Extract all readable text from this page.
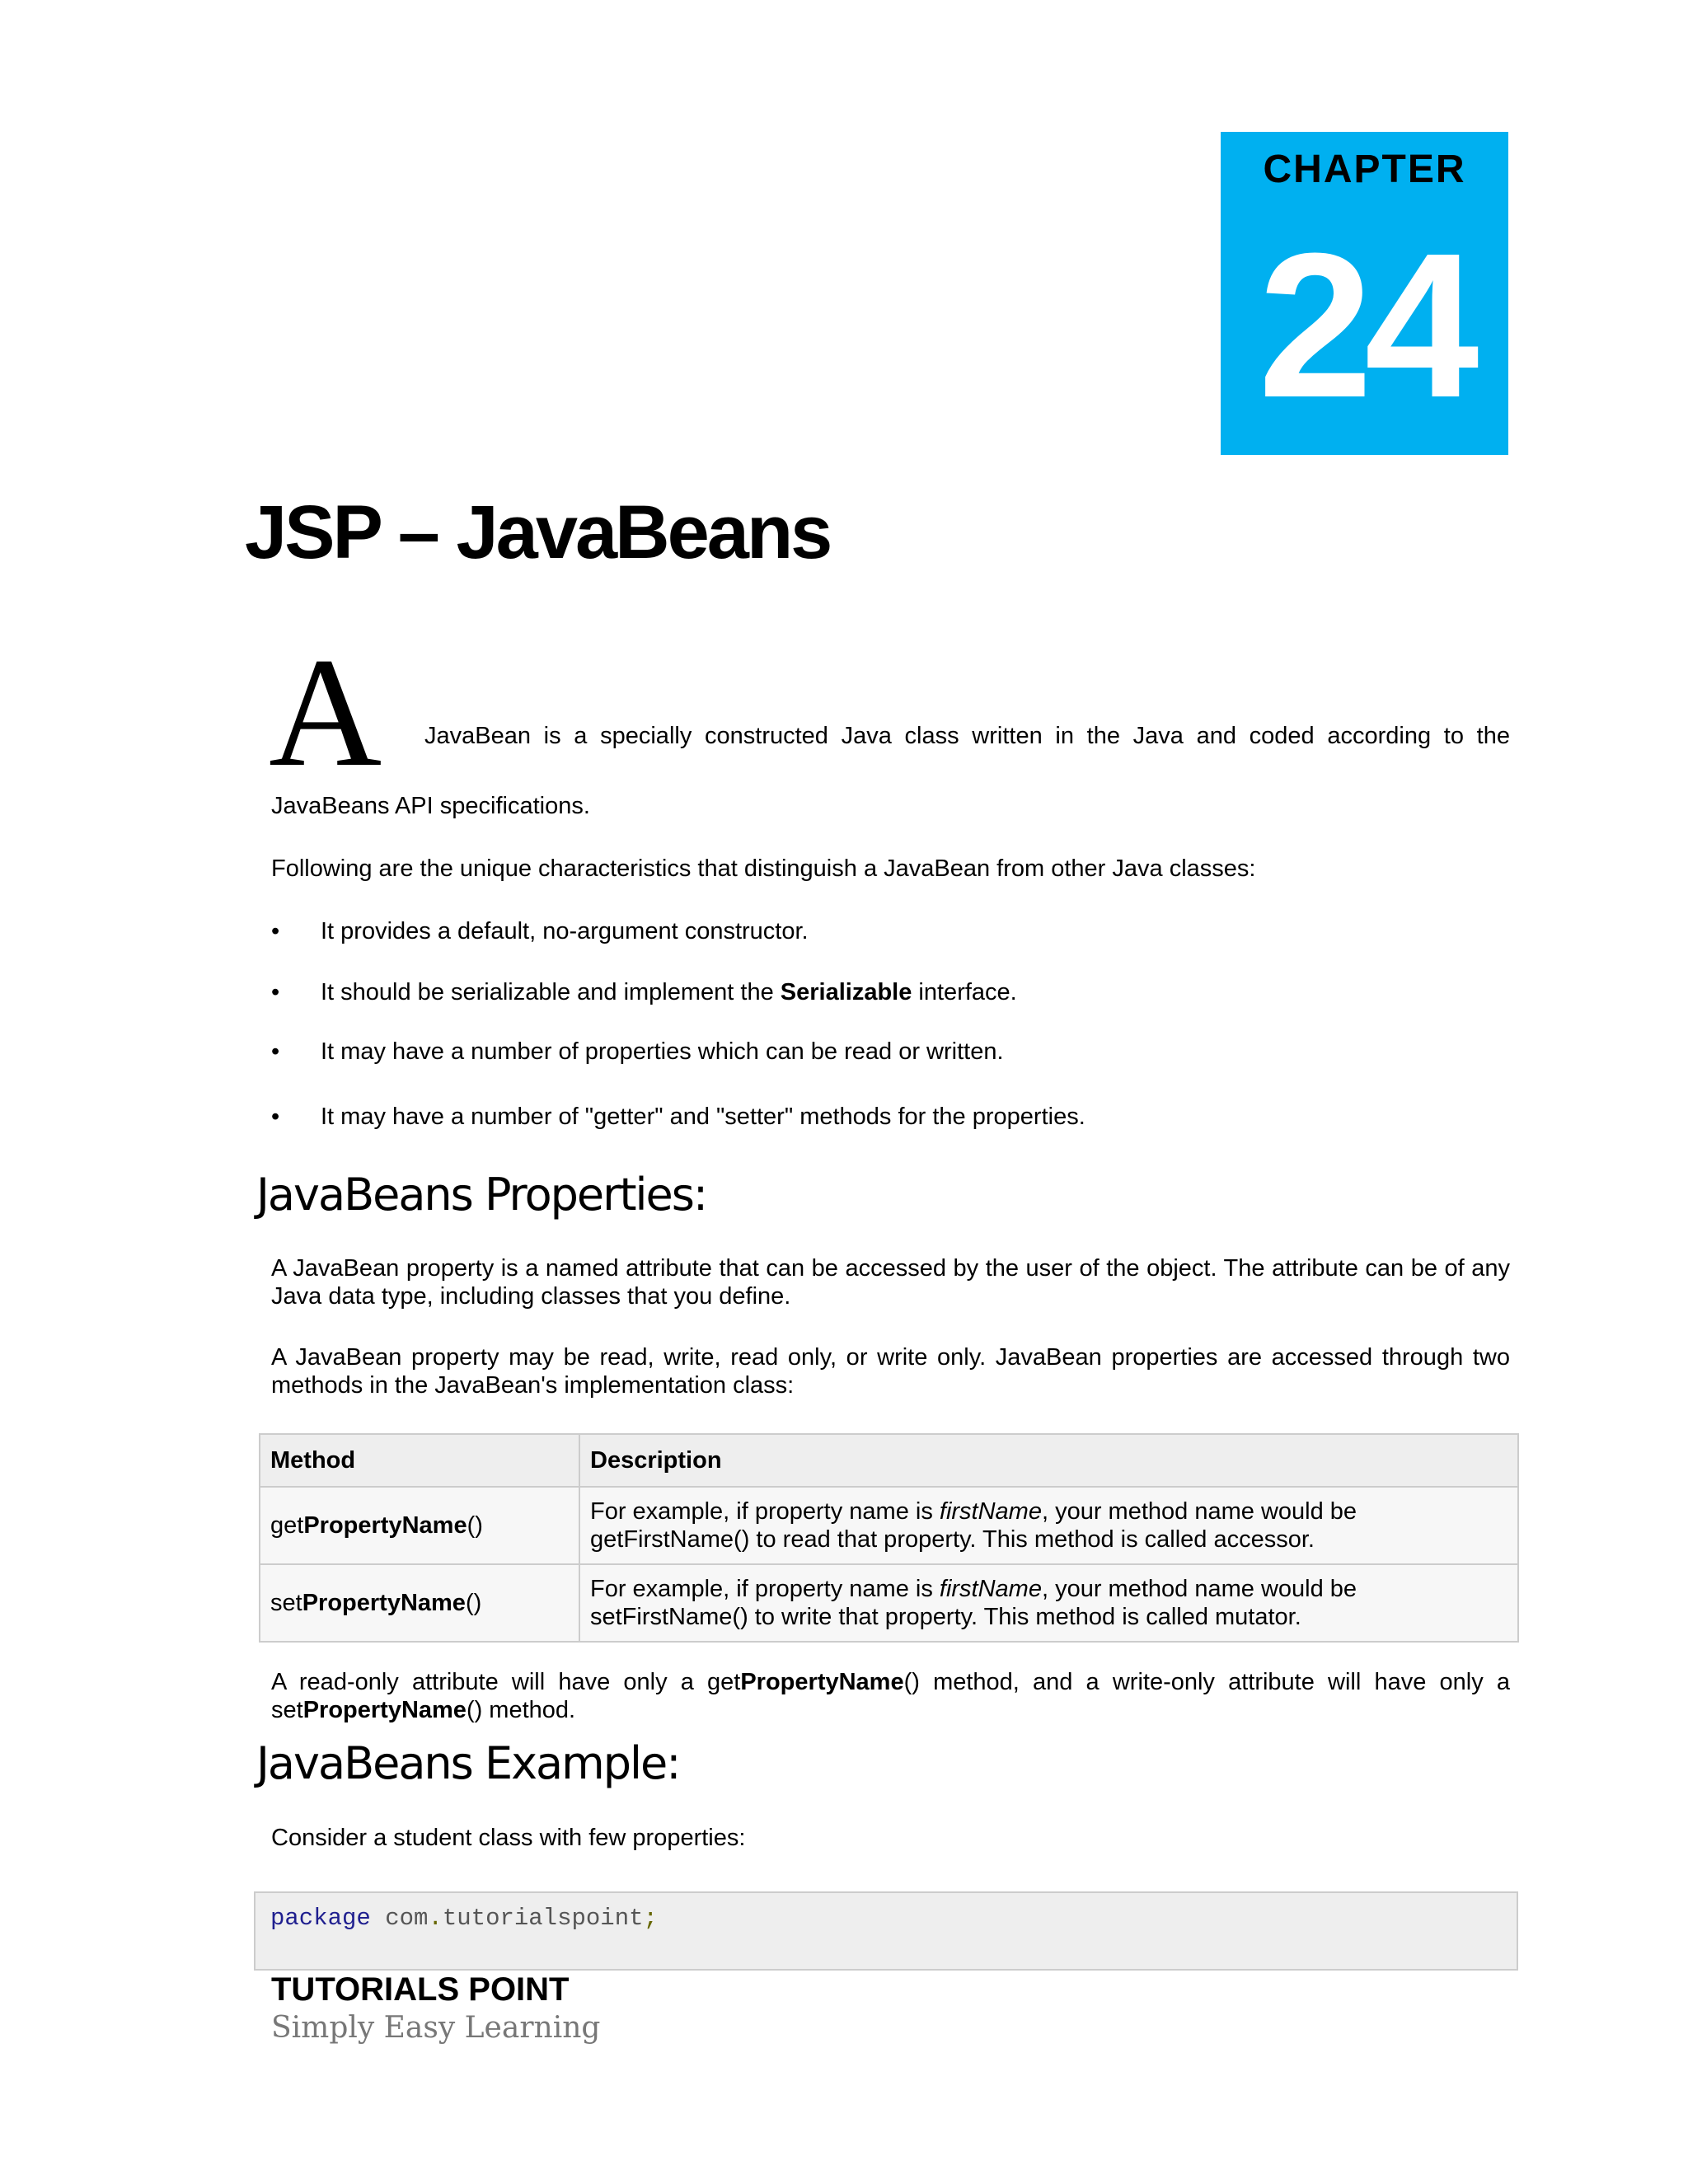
CHAPTER
24
JSP – JavaBeans
A JavaBean is a specially constructed Java class written in the Java and coded according to the

JavaBeans API specifications.

Following are the unique characteristics that distinguish a JavaBean from other Java classes:

• It provides a default, no-argument constructor.

• It should be serializable and implement the Serializable interface.

• It may have a number of properties which can be read or written.

• It may have a number of "getter" and "setter" methods for the properties.

JavaBeans Properties:

A JavaBean property is a named attribute that can be accessed by the user of the object. The attribute can be of any Java data type, including classes that you define.

A JavaBean property may be read, write, read only, or write only. JavaBean properties are accessed through two methods in the JavaBean's implementation class:

Method	Description
getPropertyName()	For example, if property name is firstName, your method name would be getFirstName() to read that property. This method is called accessor.
setPropertyName()	For example, if property name is firstName, your method name would be setFirstName() to write that property. This method is called mutator.

A read-only attribute will have only a getPropertyName() method, and a write-only attribute will have only a setPropertyName() method.

JavaBeans Example:

Consider a student class with few properties:

package com.tutorialspoint;

TUTORIALS POINT

Simply Easy Learning
